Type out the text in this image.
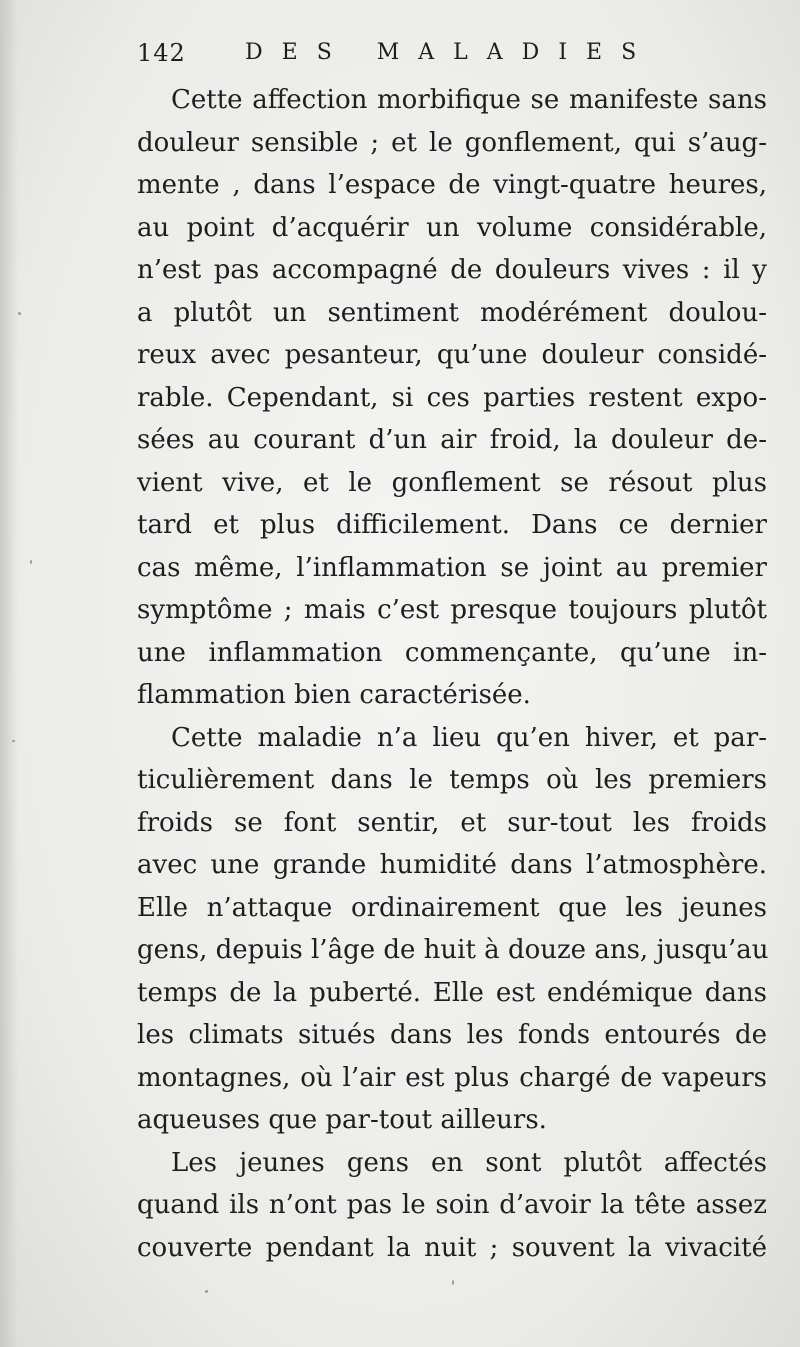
142	DES MALADIES
Cette affection morbifique se manifeste sans
douleur sensible ; et le gonflement, qui s’aug-
mente , dans l’espace de vingt-quatre heures,
au point d’acquérir un volume considérable,
n’est pas accompagné de douleurs vives : il y
a plutôt un sentiment modérément doulou-
reux avec pesanteur, qu’une douleur considé-
rable. Cependant, si ces parties restent expo-
sées au courant d’un air froid, la douleur de-
vient vive, et le gonflement se résout plus
tard et plus difficilement. Dans ce dernier
cas même, l’inflammation se joint au premier
symptôme ; mais c’est presque toujours plutôt
une inflammation commençante, qu’une in-
flammation bien caractérisée.
Cette maladie n’a lieu qu’en hiver, et par-
ticulièrement dans le temps où les premiers
froids se font sentir, et sur-tout les froids
avec une grande humidité dans l’atmosphère.
Elle n’attaque ordinairement que les jeunes
gens, depuis l’âge de huit à douze ans, jusqu’au
temps de la puberté. Elle est endémique dans
les climats situés dans les fonds entourés de
montagnes, où l’air est plus chargé de vapeurs
aqueuses que par-tout ailleurs.
Les jeunes gens en sont plutôt affectés
quand ils n’ont pas le soin d’avoir la tête assez
couverte pendant la nuit ; souvent la vivacité
